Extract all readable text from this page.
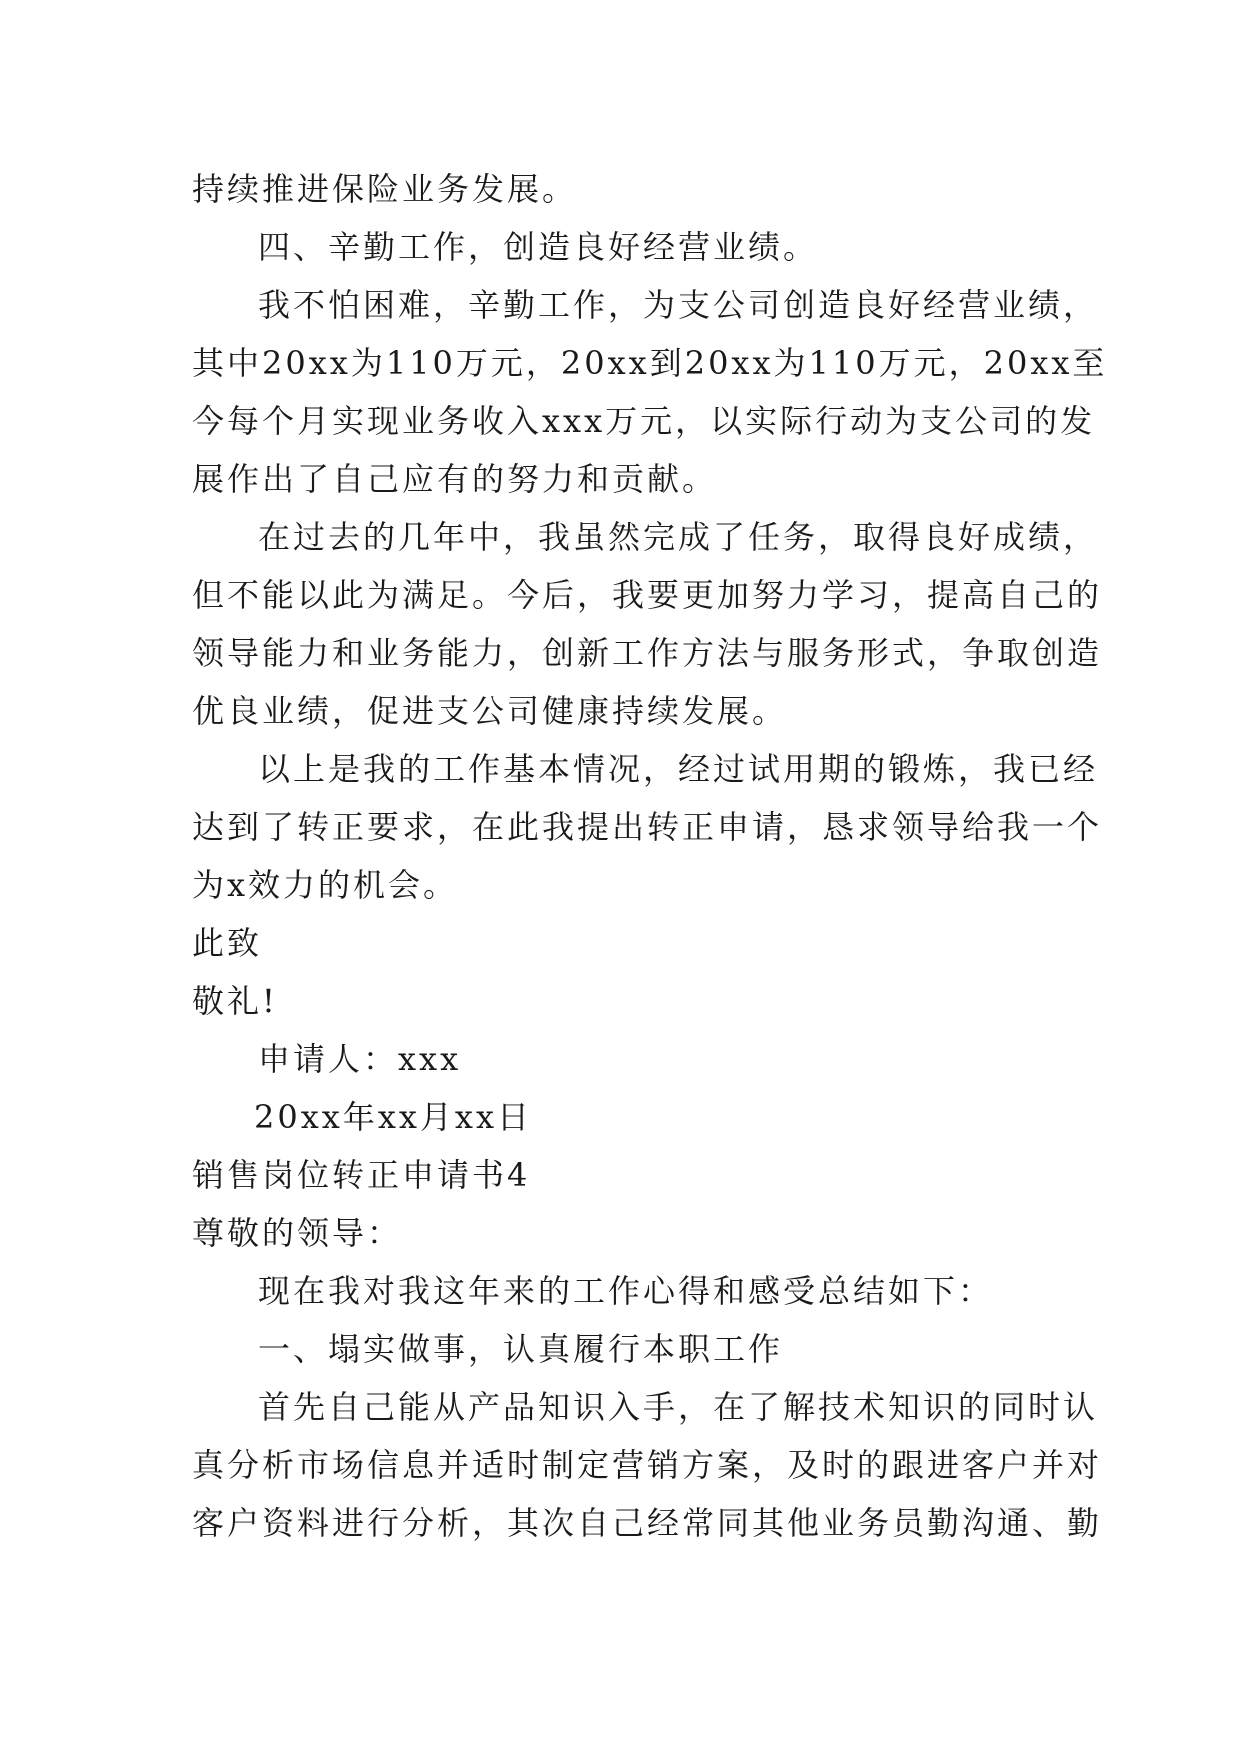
持续推进保险业务发展。
四、辛勤工作，创造良好经营业绩。
我不怕困难，辛勤工作，为支公司创造良好经营业绩，
其中20xx为110万元，20xx到20xx为110万元，20xx至
今每个月实现业务收入xxx万元，以实际行动为支公司的发
展作出了自己应有的努力和贡献。
在过去的几年中，我虽然完成了任务，取得良好成绩，
但不能以此为满足。今后，我要更加努力学习，提高自己的
领导能力和业务能力，创新工作方法与服务形式，争取创造
优良业绩，促进支公司健康持续发展。
以上是我的工作基本情况，经过试用期的锻炼，我已经
达到了转正要求，在此我提出转正申请，恳求领导给我一个
为x效力的机会。
此致
敬礼!
申请人：xxx
20xx年xx月xx日
销售岗位转正申请书4
尊敬的领导：
现在我对我这年来的工作心得和感受总结如下：
一、塌实做事，认真履行本职工作
首先自己能从产品知识入手，在了解技术知识的同时认
真分析市场信息并适时制定营销方案，及时的跟进客户并对
客户资料进行分析，其次自己经常同其他业务员勤沟通、勤
